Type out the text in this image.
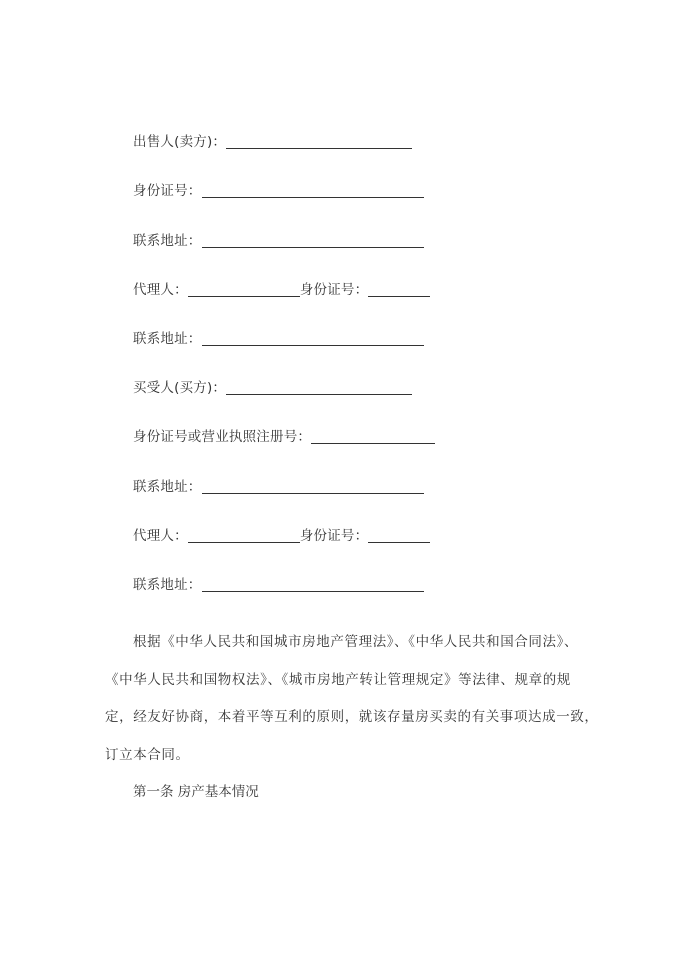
出售人(卖方)：
身份证号：
联系地址：
代理人：	身份证号：
联系地址：
买受人(买方)：
身份证号或营业执照注册号：
联系地址：
代理人：	身份证号：
联系地址：
根据《中华人民共和国城市房地产管理法》、《中华人民共和国合同法》、
《中华人民共和国物权法》、《城市房地产转让管理规定》等法律、规章的规
定，经友好协商，本着平等互利的原则，就该存量房买卖的有关事项达成一致，
订立本合同。
第一条 房产基本情况
